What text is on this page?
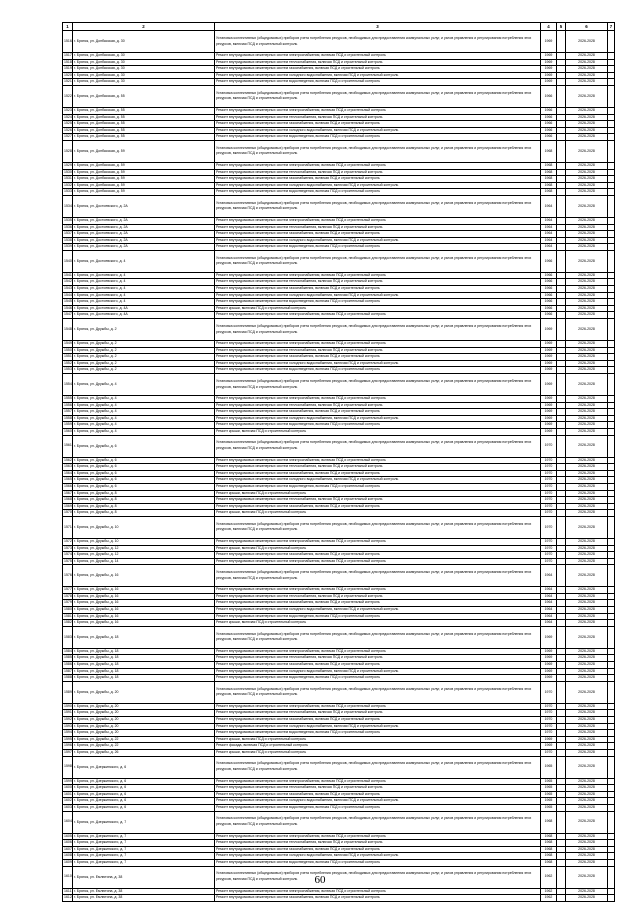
1	2	3	4	5	6	7
1516	г. Брянск, ул. Донбасская, д. 30	Установка коллективных (общедомовых) приборов учета потребления ресурсов, необходимых для предоставления коммунальных услуг, и узлов управления и регулирования потребления этих ресурсов, включая ПСД и строительный контроль	1969		2026-2028	
1517	г. Брянск, ул. Донбасская, д. 30	Ремонт внутридомовых инженерных систем электроснабжения, включая ПСД и строительный контроль	1969		2026-2028	
1518	г. Брянск, ул. Донбасская, д. 30	Ремонт внутридомовых инженерных систем теплоснабжения, включая ПСД и строительный контроль	1969		2026-2028	
1519	г. Брянск, ул. Донбасская, д. 30	Ремонт внутридомовых инженерных систем газоснабжения, включая ПСД и строительный контроль	1969		2026-2028	
1520	г. Брянск, ул. Донбасская, д. 30	Ремонт внутридомовых инженерных систем холодного водоснабжения, включая ПСД и строительный контроль	1969		2026-2028	
1521	г. Брянск, ул. Донбасская, д. 30	Ремонт внутридомовых инженерных систем водоотведения, включая ПСД и строительный контроль	1969		2026-2028	
1522	г. Брянск, ул. Донбасская, д. 55	Установка коллективных (общедомовых) приборов учета потребления ресурсов, необходимых для предоставления коммунальных услуг, и узлов управления и регулирования потребления этих ресурсов, включая ПСД и строительный контроль	1966		2026-2028	
1523	г. Брянск, ул. Донбасская, д. 55	Ремонт внутридомовых инженерных систем электроснабжения, включая ПСД и строительный контроль	1966		2026-2028	
1524	г. Брянск, ул. Донбасская, д. 55	Ремонт внутридомовых инженерных систем теплоснабжения, включая ПСД и строительный контроль	1966		2026-2028	
1525	г. Брянск, ул. Донбасская, д. 55	Ремонт внутридомовых инженерных систем газоснабжения, включая ПСД и строительный контроль	1966		2026-2028	
1526	г. Брянск, ул. Донбасская, д. 55	Ремонт внутридомовых инженерных систем холодного водоснабжения, включая ПСД и строительный контроль	1966		2026-2028	
1527	г. Брянск, ул. Донбасская, д. 55	Ремонт внутридомовых инженерных систем водоотведения, включая ПСД и строительный контроль	1966		2026-2028	
1528	г. Брянск, ул. Донбасская, д. 59	Установка коллективных (общедомовых) приборов учета потребления ресурсов, необходимых для предоставления коммунальных услуг, и узлов управления и регулирования потребления этих ресурсов, включая ПСД и строительный контроль	1968		2026-2028	
1529	г. Брянск, ул. Донбасская, д. 59	Ремонт внутридомовых инженерных систем электроснабжения, включая ПСД и строительный контроль	1968		2026-2028	
1530	г. Брянск, ул. Донбасская, д. 59	Ремонт внутридомовых инженерных систем теплоснабжения, включая ПСД и строительный контроль	1968		2026-2028	
1531	г. Брянск, ул. Донбасская, д. 59	Ремонт внутридомовых инженерных систем газоснабжения, включая ПСД и строительный контроль	1968		2026-2028	
1532	г. Брянск, ул. Донбасская, д. 59	Ремонт внутридомовых инженерных систем холодного водоснабжения, включая ПСД и строительный контроль	1968		2026-2028	
1533	г. Брянск, ул. Донбасская, д. 59	Ремонт внутридомовых инженерных систем водоотведения, включая ПСД и строительный контроль	1968		2026-2028	
1534	г. Брянск, ул. Достоевского, д. 2А	Установка коллективных (общедомовых) приборов учета потребления ресурсов, необходимых для предоставления коммунальных услуг, и узлов управления и регулирования потребления этих ресурсов, включая ПСД и строительный контроль	1964		2026-2028	
1535	г. Брянск, ул. Достоевского, д. 2А	Ремонт внутридомовых инженерных систем электроснабжения, включая ПСД и строительный контроль	1964		2026-2028	
1536	г. Брянск, ул. Достоевского, д. 2А	Ремонт внутридомовых инженерных систем теплоснабжения, включая ПСД и строительный контроль	1964		2026-2028	
1537	г. Брянск, ул. Достоевского, д. 2А	Ремонт внутридомовых инженерных систем газоснабжения, включая ПСД и строительный контроль	1964		2026-2028	
1538	г. Брянск, ул. Достоевского, д. 2А	Ремонт внутридомовых инженерных систем холодного водоснабжения, включая ПСД и строительный контроль	1964		2026-2028	
1539	г. Брянск, ул. Достоевского, д. 2А	Ремонт внутридомовых инженерных систем водоотведения, включая ПСД и строительный контроль	1964		2026-2028	
1540	г. Брянск, ул. Достоевского, д. 4	Установка коллективных (общедомовых) приборов учета потребления ресурсов, необходимых для предоставления коммунальных услуг, и узлов управления и регулирования потребления этих ресурсов, включая ПСД и строительный контроль	1966		2026-2028	
1541	г. Брянск, ул. Достоевского, д. 4	Ремонт внутридомовых инженерных систем электроснабжения, включая ПСД и строительный контроль	1966		2026-2028	
1542	г. Брянск, ул. Достоевского, д. 4	Ремонт внутридомовых инженерных систем теплоснабжения, включая ПСД и строительный контроль	1966		2026-2028	
1543	г. Брянск, ул. Достоевского, д. 4	Ремонт внутридомовых инженерных систем газоснабжения, включая ПСД и строительный контроль	1966		2026-2028	
1544	г. Брянск, ул. Достоевского, д. 4	Ремонт внутридомовых инженерных систем холодного водоснабжения, включая ПСД и строительный контроль	1966		2026-2028	
1545	г. Брянск, ул. Достоевского, д. 4	Ремонт внутридомовых инженерных систем водоотведения, включая ПСД и строительный контроль	1966		2026-2028	
1546	г. Брянск, ул. Достоевского, д. 4А	Ремонт крыши, включая ПСД и строительный контроль	1966		2026-2028	
1547	г. Брянск, ул. Достоевского, д. 4А	Ремонт внутридомовых инженерных систем электроснабжения, включая ПСД и строительный контроль	1966		2026-2028	
1548	г. Брянск, ул. Дружбы, д. 2	Установка коллективных (общедомовых) приборов учета потребления ресурсов, необходимых для предоставления коммунальных услуг, и узлов управления и регулирования потребления этих ресурсов, включая ПСД и строительный контроль	1969		2026-2028	
1549	г. Брянск, ул. Дружбы, д. 2	Ремонт внутридомовых инженерных систем электроснабжения, включая ПСД и строительный контроль	1969		2026-2028	
1550	г. Брянск, ул. Дружбы, д. 2	Ремонт внутридомовых инженерных систем теплоснабжения, включая ПСД и строительный контроль	1969		2026-2028	
1551	г. Брянск, ул. Дружбы, д. 2	Ремонт внутридомовых инженерных систем газоснабжения, включая ПСД и строительный контроль	1969		2026-2028	
1552	г. Брянск, ул. Дружбы, д. 2	Ремонт внутридомовых инженерных систем холодного водоснабжения, включая ПСД и строительный контроль	1969		2026-2028	
1553	г. Брянск, ул. Дружбы, д. 2	Ремонт внутридомовых инженерных систем водоотведения, включая ПСД и строительный контроль	1969		2026-2028	
1554	г. Брянск, ул. Дружбы, д. 4	Установка коллективных (общедомовых) приборов учета потребления ресурсов, необходимых для предоставления коммунальных услуг, и узлов управления и регулирования потребления этих ресурсов, включая ПСД и строительный контроль	1969		2026-2028	
1555	г. Брянск, ул. Дружбы, д. 4	Ремонт внутридомовых инженерных систем электроснабжения, включая ПСД и строительный контроль	1969		2026-2028	
1556	г. Брянск, ул. Дружбы, д. 4	Ремонт внутридомовых инженерных систем теплоснабжения, включая ПСД и строительный контроль	1969		2026-2028	
1557	г. Брянск, ул. Дружбы, д. 4	Ремонт внутридомовых инженерных систем газоснабжения, включая ПСД и строительный контроль	1969		2026-2028	
1558	г. Брянск, ул. Дружбы, д. 4	Ремонт внутридомовых инженерных систем холодного водоснабжения, включая ПСД и строительный контроль	1969		2026-2028	
1559	г. Брянск, ул. Дружбы, д. 4	Ремонт внутридомовых инженерных систем водоотведения, включая ПСД и строительный контроль	1969		2026-2028	
1560	г. Брянск, ул. Дружбы, д. 4	Ремонт крыши, включая ПСД и строительный контроль	1969		2026-2028	
1561	г. Брянск, ул. Дружбы, д. 6	Установка коллективных (общедомовых) приборов учета потребления ресурсов, необходимых для предоставления коммунальных услуг, и узлов управления и регулирования потребления этих ресурсов, включая ПСД и строительный контроль	1970		2026-2028	
1562	г. Брянск, ул. Дружбы, д. 6	Ремонт внутридомовых инженерных систем электроснабжения, включая ПСД и строительный контроль	1970		2026-2028	
1563	г. Брянск, ул. Дружбы, д. 6	Ремонт внутридомовых инженерных систем теплоснабжения, включая ПСД и строительный контроль	1970		2026-2028	
1564	г. Брянск, ул. Дружбы, д. 6	Ремонт внутридомовых инженерных систем газоснабжения, включая ПСД и строительный контроль	1970		2026-2028	
1565	г. Брянск, ул. Дружбы, д. 6	Ремонт внутридомовых инженерных систем холодного водоснабжения, включая ПСД и строительный контроль	1970		2026-2028	
1566	г. Брянск, ул. Дружбы, д. 6	Ремонт внутридомовых инженерных систем водоотведения, включая ПСД и строительный контроль	1970		2026-2028	
1567	г. Брянск, ул. Дружбы, д. 8	Ремонт крыши, включая ПСД и строительный контроль	1970		2026-2028	
1568	г. Брянск, ул. Дружбы, д. 8	Ремонт внутридомовых инженерных систем теплоснабжения, включая ПСД и строительный контроль	1970		2026-2028	
1569	г. Брянск, ул. Дружбы, д. 8	Ремонт внутридомовых инженерных систем газоснабжения, включая ПСД и строительный контроль	1970		2026-2028	
1570	г. Брянск, ул. Дружбы, д. 8	Ремонт крыши, включая ПСД и строительный контроль	1970		2026-2028	
1571	г. Брянск, ул. Дружбы, д. 10	Установка коллективных (общедомовых) приборов учета потребления ресурсов, необходимых для предоставления коммунальных услуг, и узлов управления и регулирования потребления этих ресурсов, включая ПСД и строительный контроль	1970		2026-2028	
1572	г. Брянск, ул. Дружбы, д. 10	Ремонт внутридомовых инженерных систем электроснабжения, включая ПСД и строительный контроль	1970		2026-2028	
1573	г. Брянск, ул. Дружбы, д. 12	Ремонт крыши, включая ПСД и строительный контроль	1970		2026-2028	
1574	г. Брянск, ул. Дружбы, д. 12	Ремонт внутридомовых инженерных систем газоснабжения, включая ПСД и строительный контроль	1970		2026-2028	
1575	г. Брянск, ул. Дружбы, д. 14	Ремонт внутридомовых инженерных систем электроснабжения, включая ПСД и строительный контроль	1970		2026-2028	
1576	г. Брянск, ул. Дружбы, д. 16	Установка коллективных (общедомовых) приборов учета потребления ресурсов, необходимых для предоставления коммунальных услуг, и узлов управления и регулирования потребления этих ресурсов, включая ПСД и строительный контроль	1964		2026-2028	
1577	г. Брянск, ул. Дружбы, д. 16	Ремонт внутридомовых инженерных систем электроснабжения, включая ПСД и строительный контроль	1964		2026-2028	
1578	г. Брянск, ул. Дружбы, д. 16	Ремонт внутридомовых инженерных систем теплоснабжения, включая ПСД и строительный контроль	1964		2026-2028	
1579	г. Брянск, ул. Дружбы, д. 16	Ремонт внутридомовых инженерных систем газоснабжения, включая ПСД и строительный контроль	1964		2026-2028	
1580	г. Брянск, ул. Дружбы, д. 16	Ремонт внутридомовых инженерных систем холодного водоснабжения, включая ПСД и строительный контроль	1964		2026-2028	
1581	г. Брянск, ул. Дружбы, д. 16	Ремонт внутридомовых инженерных систем водоотведения, включая ПСД и строительный контроль	1964		2026-2028	
1582	г. Брянск, ул. Дружбы, д. 16	Ремонт крыши, включая ПСД и строительный контроль	1964		2026-2028	
1583	г. Брянск, ул. Дружбы, д. 18	Установка коллективных (общедомовых) приборов учета потребления ресурсов, необходимых для предоставления коммунальных услуг, и узлов управления и регулирования потребления этих ресурсов, включая ПСД и строительный контроль	1969		2026-2028	
1584	г. Брянск, ул. Дружбы, д. 18	Ремонт внутридомовых инженерных систем электроснабжения, включая ПСД и строительный контроль	1969		2026-2028	
1585	г. Брянск, ул. Дружбы, д. 18	Ремонт внутридомовых инженерных систем теплоснабжения, включая ПСД и строительный контроль	1969		2026-2028	
1586	г. Брянск, ул. Дружбы, д. 18	Ремонт внутридомовых инженерных систем газоснабжения, включая ПСД и строительный контроль	1969		2026-2028	
1587	г. Брянск, ул. Дружбы, д. 18	Ремонт внутридомовых инженерных систем холодного водоснабжения, включая ПСД и строительный контроль	1969		2026-2028	
1588	г. Брянск, ул. Дружбы, д. 18	Ремонт внутридомовых инженерных систем водоотведения, включая ПСД и строительный контроль	1969		2026-2028	
1589	г. Брянск, ул. Дружбы, д. 20	Установка коллективных (общедомовых) приборов учета потребления ресурсов, необходимых для предоставления коммунальных услуг, и узлов управления и регулирования потребления этих ресурсов, включая ПСД и строительный контроль	1970		2026-2028	
1590	г. Брянск, ул. Дружбы, д. 20	Ремонт внутридомовых инженерных систем электроснабжения, включая ПСД и строительный контроль	1970		2026-2028	
1591	г. Брянск, ул. Дружбы, д. 20	Ремонт внутридомовых инженерных систем теплоснабжения, включая ПСД и строительный контроль	1970		2026-2028	
1592	г. Брянск, ул. Дружбы, д. 20	Ремонт внутридомовых инженерных систем газоснабжения, включая ПСД и строительный контроль	1970		2026-2028	
1593	г. Брянск, ул. Дружбы, д. 20	Ремонт внутридомовых инженерных систем холодного водоснабжения, включая ПСД и строительный контроль	1970		2026-2028	
1594	г. Брянск, ул. Дружбы, д. 20	Ремонт внутридомовых инженерных систем водоотведения, включая ПСД и строительный контроль	1970		2026-2028	
1595	г. Брянск, ул. Дружбы, д. 22	Ремонт крыши, включая ПСД и строительный контроль	1969		2026-2028	
1596	г. Брянск, ул. Дружбы, д. 22	Ремонт фасада, включая ПСД и строительный контроль	1969		2026-2028	
1597	г. Брянск, ул. Дружбы, д. 26	Ремонт крыши, включая ПСД и строительный контроль	1970		2026-2028	
1598	г. Брянск, ул. Дзержинского, д. 6	Установка коллективных (общедомовых) приборов учета потребления ресурсов, необходимых для предоставления коммунальных услуг, и узлов управления и регулирования потребления этих ресурсов, включая ПСД и строительный контроль	1965		2026-2028	
1599	г. Брянск, ул. Дзержинского, д. 6	Ремонт внутридомовых инженерных систем электроснабжения, включая ПСД и строительный контроль	1965		2026-2028	
1600	г. Брянск, ул. Дзержинского, д. 6	Ремонт внутридомовых инженерных систем теплоснабжения, включая ПСД и строительный контроль	1965		2026-2028	
1601	г. Брянск, ул. Дзержинского, д. 6	Ремонт внутридомовых инженерных систем газоснабжения, включая ПСД и строительный контроль	1965		2026-2028	
1602	г. Брянск, ул. Дзержинского, д. 6	Ремонт внутридомовых инженерных систем холодного водоснабжения, включая ПСД и строительный контроль	1965		2026-2028	
1603	г. Брянск, ул. Дзержинского, д. 6	Ремонт внутридомовых инженерных систем водоотведения, включая ПСД и строительный контроль	1965		2026-2028	
1604	г. Брянск, ул. Дзержинского, д. 7	Установка коллективных (общедомовых) приборов учета потребления ресурсов, необходимых для предоставления коммунальных услуг, и узлов управления и регулирования потребления этих ресурсов, включая ПСД и строительный контроль	1968		2026-2028	
1605	г. Брянск, ул. Дзержинского, д. 7	Ремонт внутридомовых инженерных систем электроснабжения, включая ПСД и строительный контроль	1968		2026-2028	
1606	г. Брянск, ул. Дзержинского, д. 7	Ремонт внутридомовых инженерных систем теплоснабжения, включая ПСД и строительный контроль	1968		2026-2028	
1607	г. Брянск, ул. Дзержинского, д. 7	Ремонт внутридомовых инженерных систем газоснабжения, включая ПСД и строительный контроль	1968		2026-2028	
1608	г. Брянск, ул. Дзержинского, д. 7	Ремонт внутридомовых инженерных систем холодного водоснабжения, включая ПСД и строительный контроль	1968		2026-2028	
1609	г. Брянск, ул. Дзержинского, д. 7	Ремонт внутридомовых инженерных систем водоотведения, включая ПСД и строительный контроль	1968		2026-2028	
1610	г. Брянск, ул. Емлютина, д. 38	Установка коллективных (общедомовых) приборов учета потребления ресурсов, необходимых для предоставления коммунальных услуг, и узлов управления и регулирования потребления этих ресурсов, включая ПСД и строительный контроль	1962		2026-2028	
1611	г. Брянск, ул. Емлютина, д. 38	Ремонт внутридомовых инженерных систем электроснабжения, включая ПСД и строительный контроль	1962		2026-2028	
1612	г. Брянск, ул. Емлютина, д. 38	Ремонт внутридомовых инженерных систем газоснабжения, включая ПСД и строительный контроль	1962		2026-2028	
60
